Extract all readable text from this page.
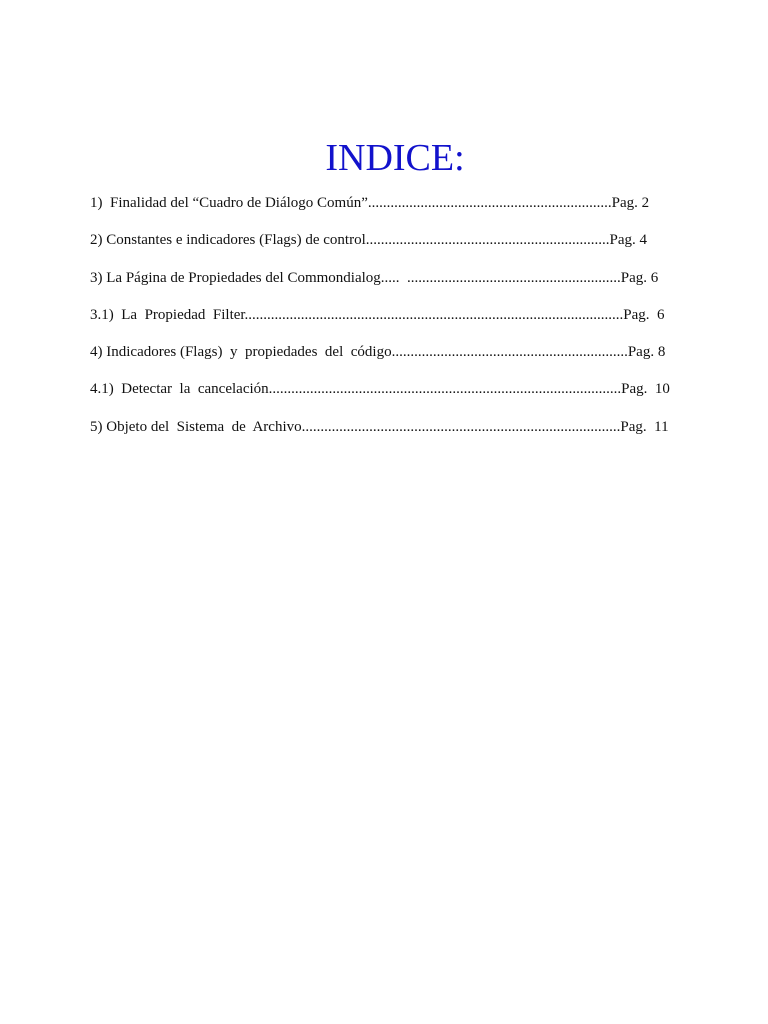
INDICE:
1)  Finalidad del “Cuadro de Diálogo Común”.................................................................Pag. 2
2) Constantes e indicadores (Flags) de control.................................................................Pag. 4
3) La Página de Propiedades del Commondialog.....  .........................................................Pag. 6
3.1)  La  Propiedad  Filter.....................................................................................................Pag.  6
4) Indicadores (Flags)  y  propiedades  del  código...............................................................Pag. 8
4.1)  Detectar  la  cancelación..............................................................................................Pag.  10
5) Objeto del  Sistema  de  Archivo.....................................................................................Pag.  11
